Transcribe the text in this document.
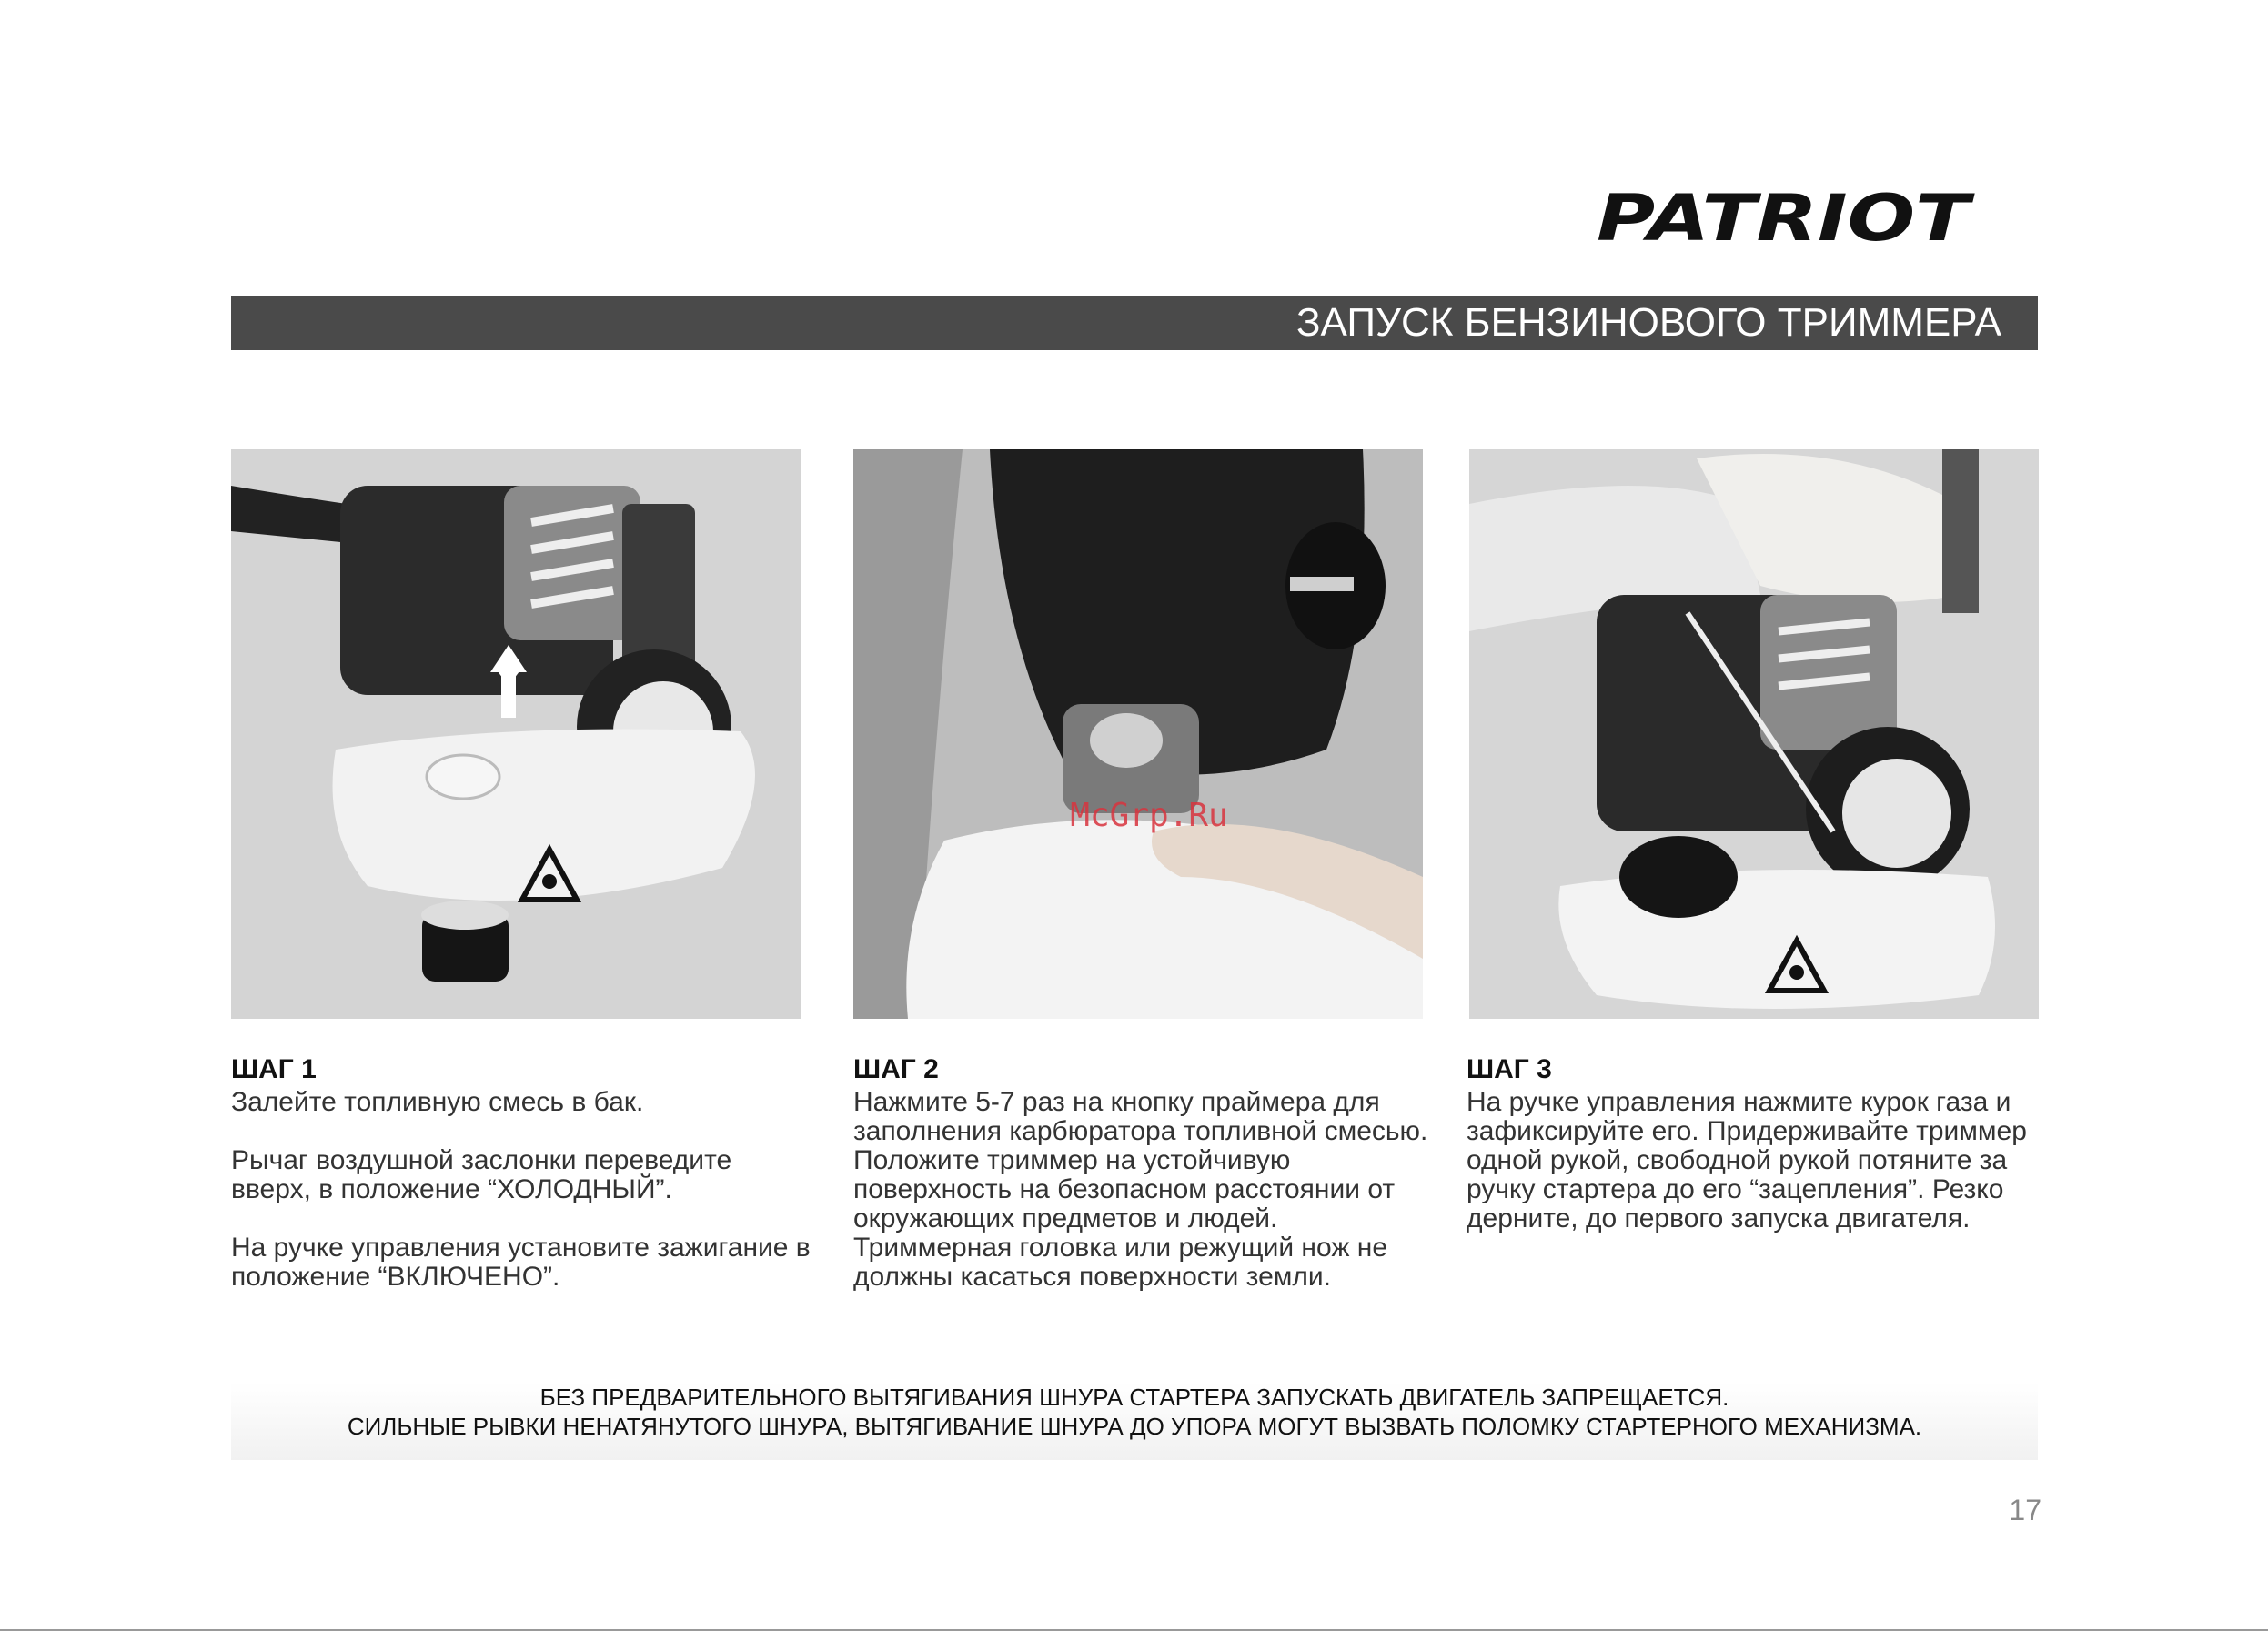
PATRIOT
ЗАПУСК БЕНЗИНОВОГО ТРИММЕРА
McGrp.Ru
ШАГ 1

Залейте топливную смесь в бак.

Рычаг воздушной заслонки переведите вверх, в положение “ХОЛОДНЫЙ”.

На ручке управления установите зажигание в положение “ВКЛЮЧЕНО”.

ШАГ 2

Нажмите 5-7 раз на кнопку праймера для заполнения карбюратора топливной смесью.

Положите триммер на устойчивую поверхность на безопасном расстоянии от окружающих предметов и людей. Триммерная головка или режущий нож не должны касаться поверхности земли.

ШАГ 3

На ручке управления нажмите курок газа и зафиксируйте его. Придерживайте триммер одной рукой, свободной рукой потяните за ручку стартера до его “зацепления”. Резко дерните, до первого запуска двигателя.

БЕЗ ПРЕДВАРИТЕЛЬНОГО ВЫТЯГИВАНИЯ ШНУРА СТАРТЕРА ЗАПУСКАТЬ ДВИГАТЕЛЬ ЗАПРЕЩАЕТСЯ.
СИЛЬНЫЕ РЫВКИ НЕНАТЯНУТОГО ШНУРА, ВЫТЯГИВАНИЕ ШНУРА ДО УПОРА МОГУТ ВЫЗВАТЬ ПОЛОМКУ СТАРТЕРНОГО МЕХАНИЗМА.
17
